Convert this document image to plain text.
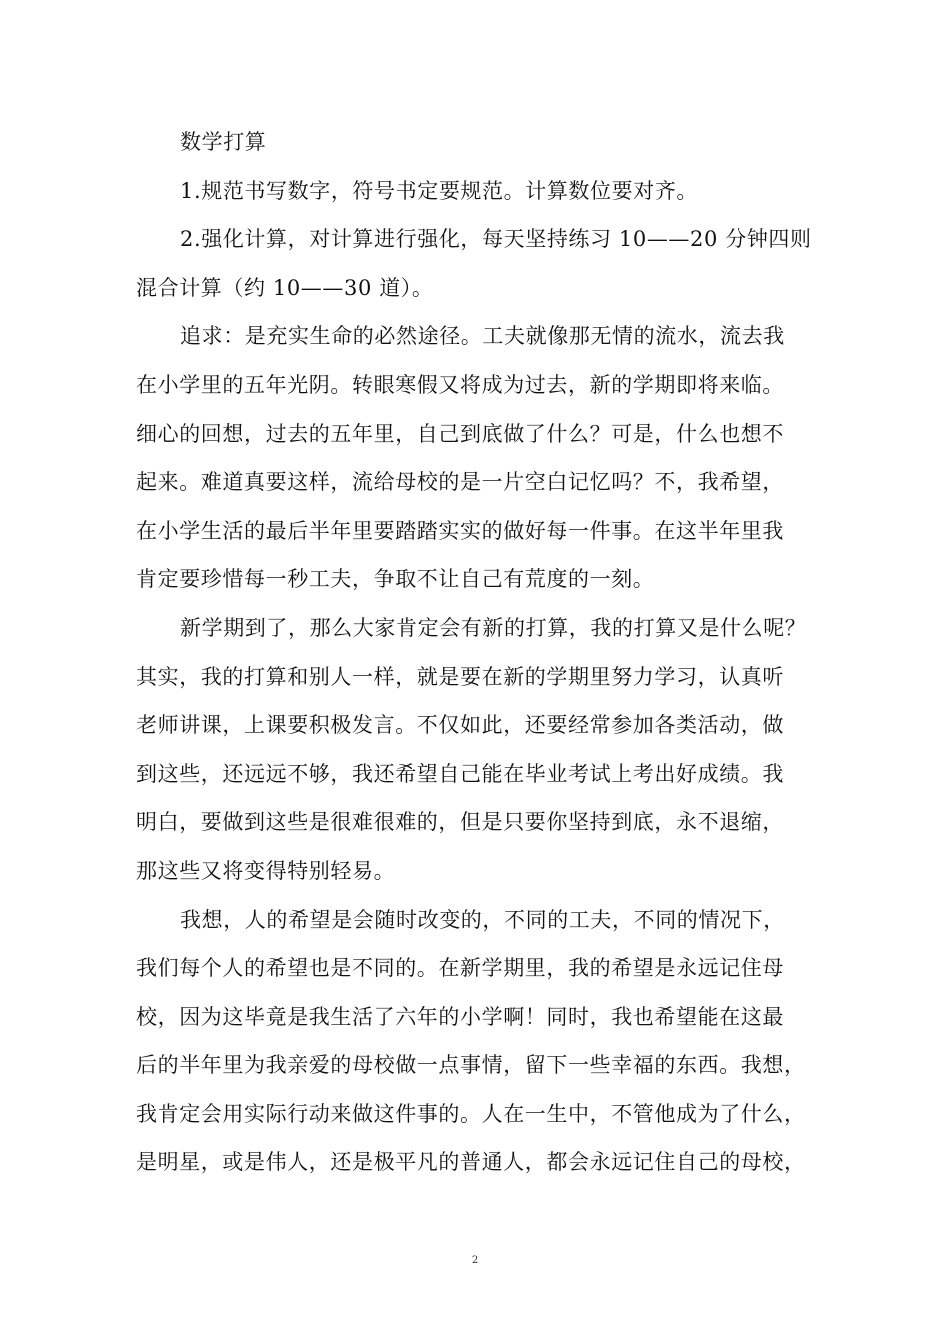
数学打算

1.规范书写数字，符号书定要规范。计算数位要对齐。

2.强化计算，对计算进行强化，每天坚持练习 10——20 分钟四则
混合计算（约 10——30 道）。

追求：是充实生命的必然途径。工夫就像那无情的流水，流去我
在小学里的五年光阴。转眼寒假又将成为过去，新的学期即将来临。
细心的回想，过去的五年里，自己到底做了什么？可是，什么也想不
起来。难道真要这样，流给母校的是一片空白记忆吗？不，我希望，
在小学生活的最后半年里要踏踏实实的做好每一件事。在这半年里我
肯定要珍惜每一秒工夫，争取不让自己有荒度的一刻。

新学期到了，那么大家肯定会有新的打算，我的打算又是什么呢？
其实，我的打算和别人一样，就是要在新的学期里努力学习，认真听
老师讲课，上课要积极发言。不仅如此，还要经常参加各类活动，做
到这些，还远远不够，我还希望自己能在毕业考试上考出好成绩。我
明白，要做到这些是很难很难的，但是只要你坚持到底，永不退缩，
那这些又将变得特别轻易。

我想，人的希望是会随时改变的，不同的工夫，不同的情况下，
我们每个人的希望也是不同的。在新学期里，我的希望是永远记住母
校，因为这毕竟是我生活了六年的小学啊！同时，我也希望能在这最
后的半年里为我亲爱的母校做一点事情，留下一些幸福的东西。我想，
我肯定会用实际行动来做这件事的。人在一生中，不管他成为了什么，
是明星，或是伟人，还是极平凡的普通人，都会永远记住自己的母校，

2
